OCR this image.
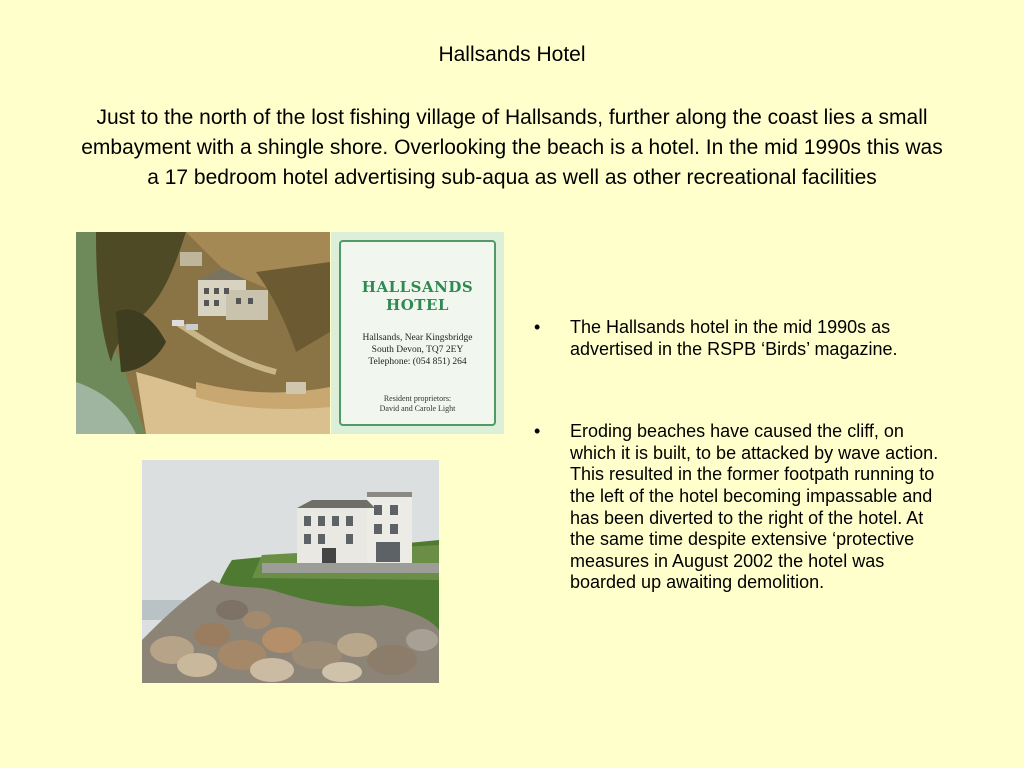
Hallsands Hotel
Just to the north of the lost fishing village of Hallsands, further along the coast lies a small embayment with a shingle shore. Overlooking the beach is a hotel. In the mid 1990s this was a 17 bedroom hotel advertising sub-aqua as well as other recreational facilities
HALLSANDS
HOTEL
Hallsands, Near Kingsbridge
South Devon, TQ7 2EY
Telephone: (054 851) 264
Resident proprietors:
David and Carole Light
• The Hallsands hotel in the mid 1990s as advertised in the RSPB ‘Birds’ magazine.
• Eroding beaches have caused the cliff, on which it is built, to be attacked by wave action. This resulted in the former footpath running to the left of the hotel becoming impassable and has been diverted to the right of the hotel. At the same time despite extensive ‘protective measures in August 2002 the hotel was boarded up awaiting demolition.
